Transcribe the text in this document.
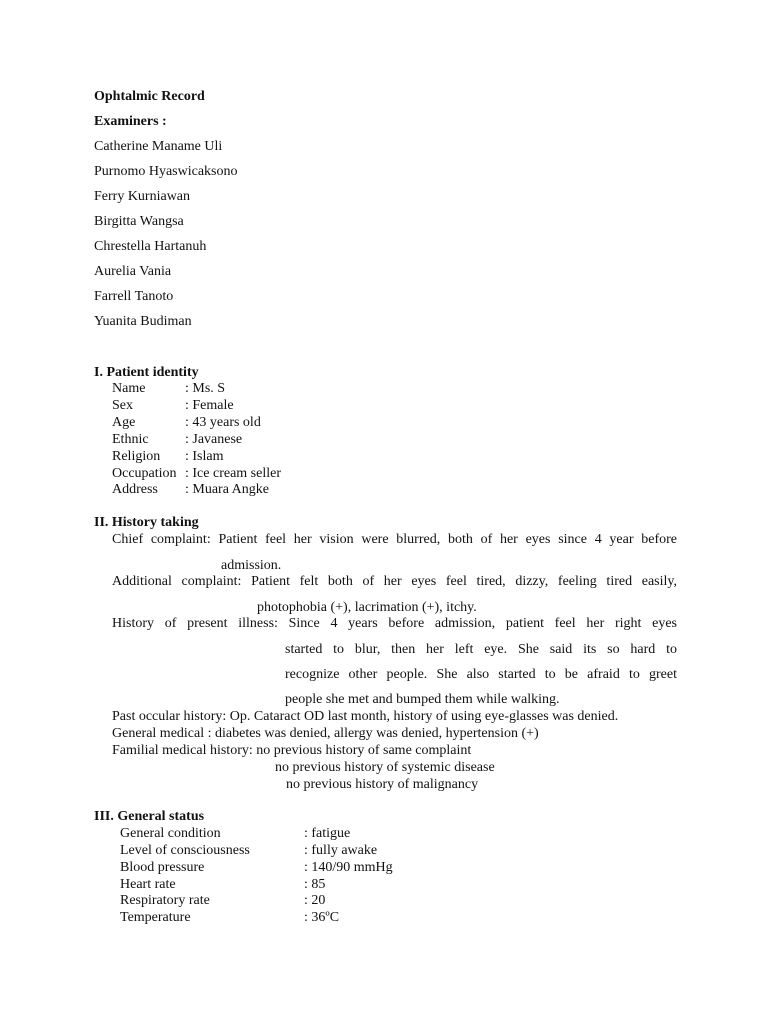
Ophtalmic Record
Examiners :
Catherine Maname Uli
Purnomo Hyaswicaksono
Ferry Kurniawan
Birgitta Wangsa
Chrestella Hartanuh
Aurelia Vania
Farrell Tanoto
Yuanita Budiman
I. Patient identity
Name	: Ms. S
Sex	: Female
Age	: 43 years old
Ethnic	: Javanese
Religion : Islam
Occupation : Ice cream seller
Address : Muara Angke
II. History taking
Chief complaint: Patient feel her vision were blurred, both of her eyes since 4 year before
admission.
Additional complaint: Patient felt both of her eyes feel tired, dizzy, feeling tired easily,
photophobia (+), lacrimation (+), itchy.
History of present illness: Since 4 years before admission, patient feel her right eyes
started to blur, then her left eye. She said its so hard to
recognize other people. She also started to be afraid to greet
people she met and bumped them while walking.
Past occular history: Op. Cataract OD last month, history of using eye-glasses was denied.
General medical : diabetes was denied, allergy was denied, hypertension (+)
Familial medical history: no previous history of same complaint
no previous history of systemic disease
no previous history of malignancy
III. General status
General condition	: fatigue
Level of consciousness	: fully awake
Blood pressure	: 140/90 mmHg
Heart rate	: 85
Respiratory rate	: 20
Temperature	: 36ºC
